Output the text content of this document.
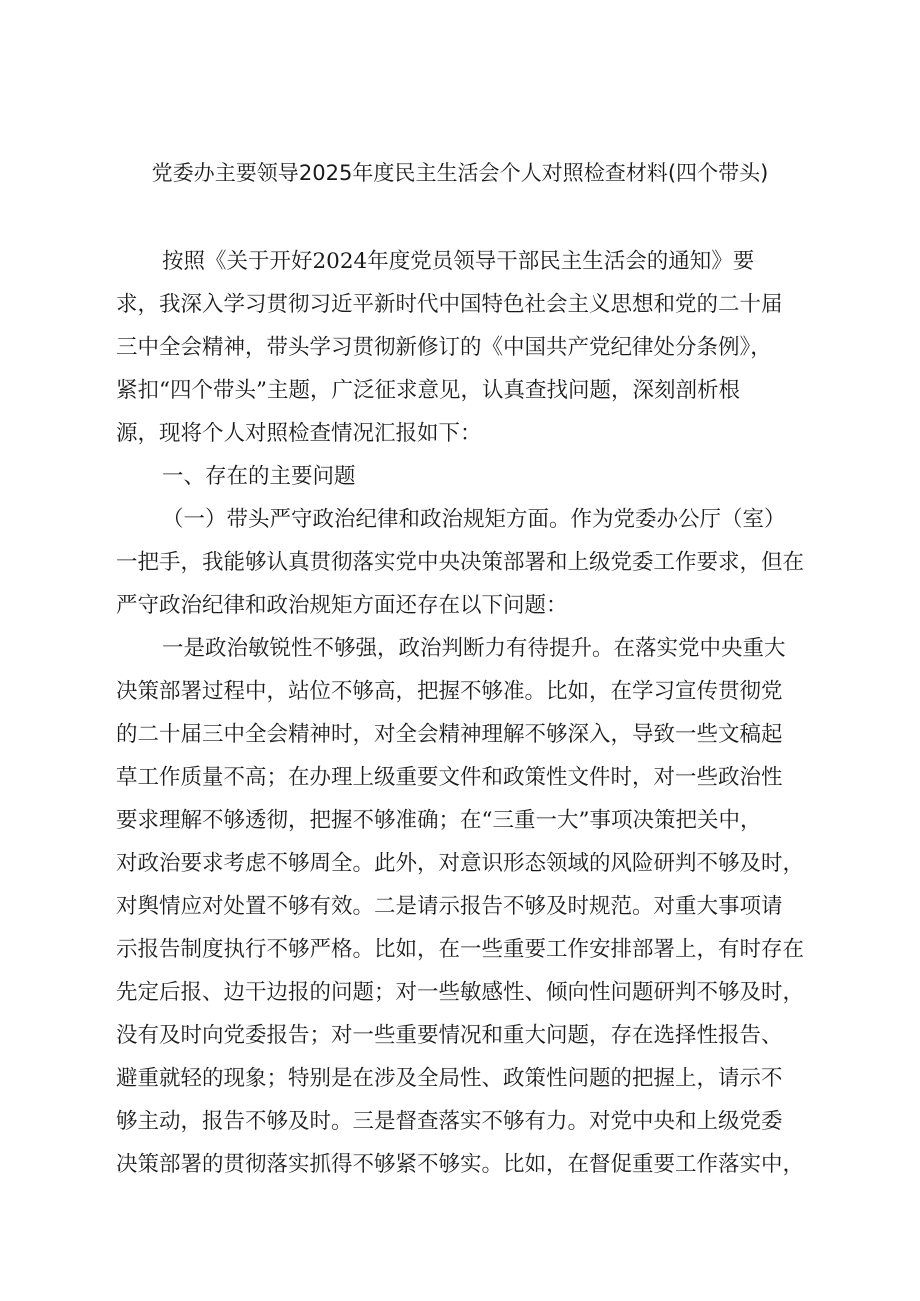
党委办主要领导2025年度民主生活会个人对照检查材料(四个带头)
按照《关于开好2024年度党员领导干部民主生活会的通知》要
求，我深入学习贯彻习近平新时代中国特色社会主义思想和党的二十届
三中全会精神，带头学习贯彻新修订的《中国共产党纪律处分条例》，
紧扣“四个带头”主题，广泛征求意见，认真查找问题，深刻剖析根
源，现将个人对照检查情况汇报如下：
一、存在的主要问题
（一）带头严守政治纪律和政治规矩方面。作为党委办公厅（室）
一把手，我能够认真贯彻落实党中央决策部署和上级党委工作要求，但在
严守政治纪律和政治规矩方面还存在以下问题：
一是政治敏锐性不够强，政治判断力有待提升。在落实党中央重大
决策部署过程中，站位不够高，把握不够准。比如，在学习宣传贯彻党
的二十届三中全会精神时，对全会精神理解不够深入，导致一些文稿起
草工作质量不高；在办理上级重要文件和政策性文件时，对一些政治性
要求理解不够透彻，把握不够准确；在“三重一大”事项决策把关中，
对政治要求考虑不够周全。此外，对意识形态领域的风险研判不够及时，
对舆情应对处置不够有效。二是请示报告不够及时规范。对重大事项请
示报告制度执行不够严格。比如，在一些重要工作安排部署上，有时存在
先定后报、边干边报的问题；对一些敏感性、倾向性问题研判不够及时，
没有及时向党委报告；对一些重要情况和重大问题，存在选择性报告、
避重就轻的现象；特别是在涉及全局性、政策性问题的把握上，请示不
够主动，报告不够及时。三是督查落实不够有力。对党中央和上级党委
决策部署的贯彻落实抓得不够紧不够实。比如，在督促重要工作落实中，
